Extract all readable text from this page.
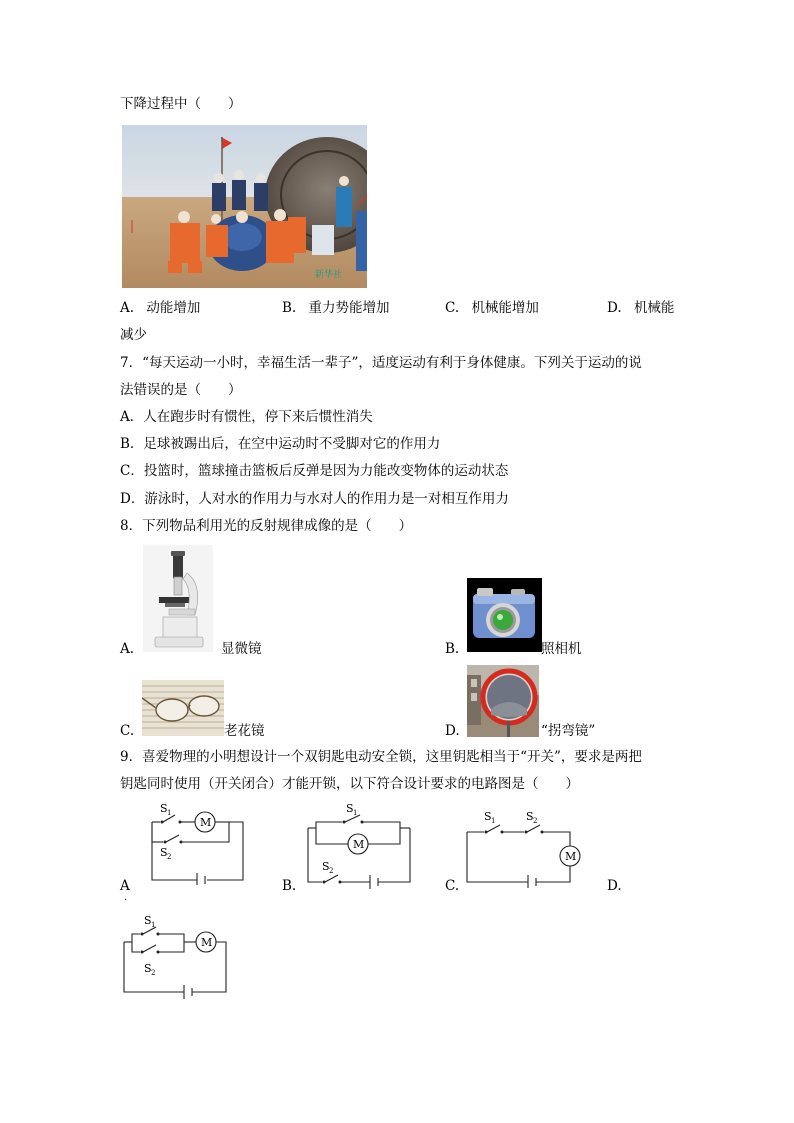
下降过程中（　　）
新华社
A. 动能增加	B. 重力势能增加	C. 机械能增加	D. 机械能
减少
7．“每天运动一小时，幸福生活一辈子”，适度运动有利于身体健康。下列关于运动的说
法错误的是（　　）
A．人在跑步时有惯性，停下来后惯性消失
B．足球被踢出后，在空中运动时不受脚对它的作用力
C．投篮时，篮球撞击篮板后反弹是因为力能改变物体的运动状态
D．游泳时，人对水的作用力与水对人的作用力是一对相互作用力
8．下列物品利用光的反射规律成像的是（　　）
A.	显微镜	B.	照相机
C.	老花镜	D.	“拐弯镜”
9．喜爱物理的小明想设计一个双钥匙电动安全锁，这里钥匙相当于“开关”，要求是两把
钥匙同时使用（开关闭合）才能开锁，以下符合设计要求的电路图是（　　）
M
S 1
S 2
A
．
M
S 1
S 2
B.
M
S 1	S 2
C.	D.
M
S 1
S 2
